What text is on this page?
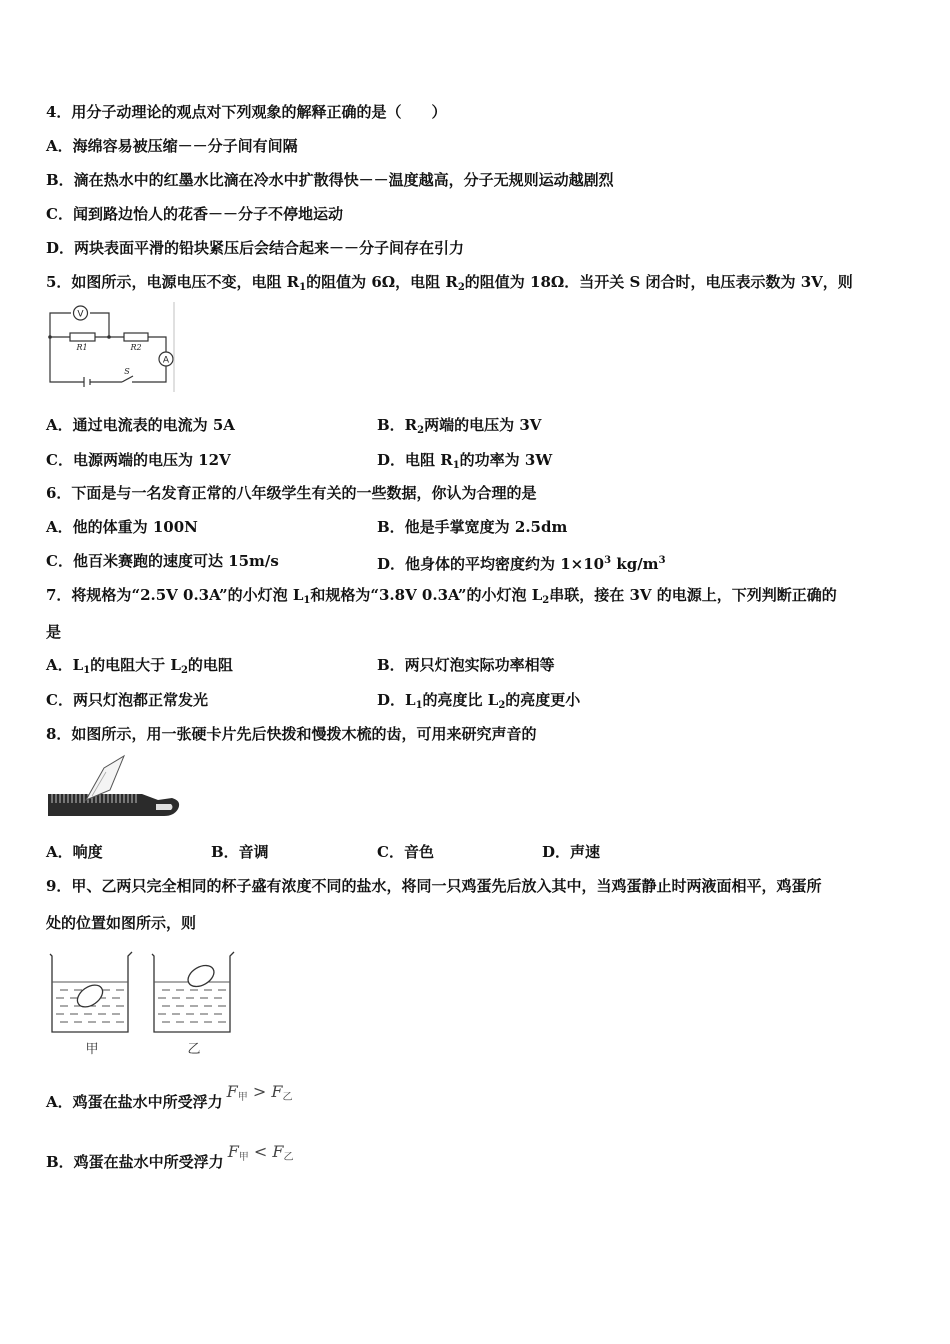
4．用分子动理论的观点对下列观象的解释正确的是（　　）
A．海绵容易被压缩－－分子间有间隔
B．滴在热水中的红墨水比滴在冷水中扩散得快－－温度越高，分子无规则运动越剧烈
C．闻到路边怡人的花香－－分子不停地运动
D．两块表面平滑的铅块紧压后会结合起来－－分子间存在引力
5．如图所示，电源电压不变，电阻 $R_1$的阻值为 6Ω，电阻 $R_2$的阻值为 18Ω．当开关 S 闭合时，电压表示数为 3V，则
V
A
R1	R2
S
A．通过电流表的电流为 5A	B．$R_2$两端的电压为 3V
C．电源两端的电压为 12V	D．电阻 $R_1$的功率为 3W
6．下面是与一名发育正常的八年级学生有关的一些数据，你认为合理的是
A．他的体重为 100N	B．他是手掌宽度为 2.5dm
C．他百米赛跑的速度可达 15m/s	D．他身体的平均密度约为 $1\times 10^3$ $kg/m^3$
7．将规格为“2.5V 0.3A”的小灯泡 $L_1$和规格为“3.8V 0.3A”的小灯泡 $L_2$串联，接在 3V 的电源上，下列判断正确的
是
A．$L_1$的电阻大于 $L_2$的电阻	B．两只灯泡实际功率相等
C．两只灯泡都正常发光	D．$L_1$的亮度比 $L_2$的亮度更小
8．如图所示，用一张硬卡片先后快拨和慢拨木梳的齿，可用来研究声音的
A．响度	B．音调	C．音色	D．声速
9．甲、乙两只完全相同的杯子盛有浓度不同的盐水，将同一只鸡蛋先后放入其中，当鸡蛋静止时两液面相平，鸡蛋所
处的位置如图所示，则
甲	乙
A．鸡蛋在盐水中所受浮力F甲 > F乙
B．鸡蛋在盐水中所受浮力F甲 < F乙
